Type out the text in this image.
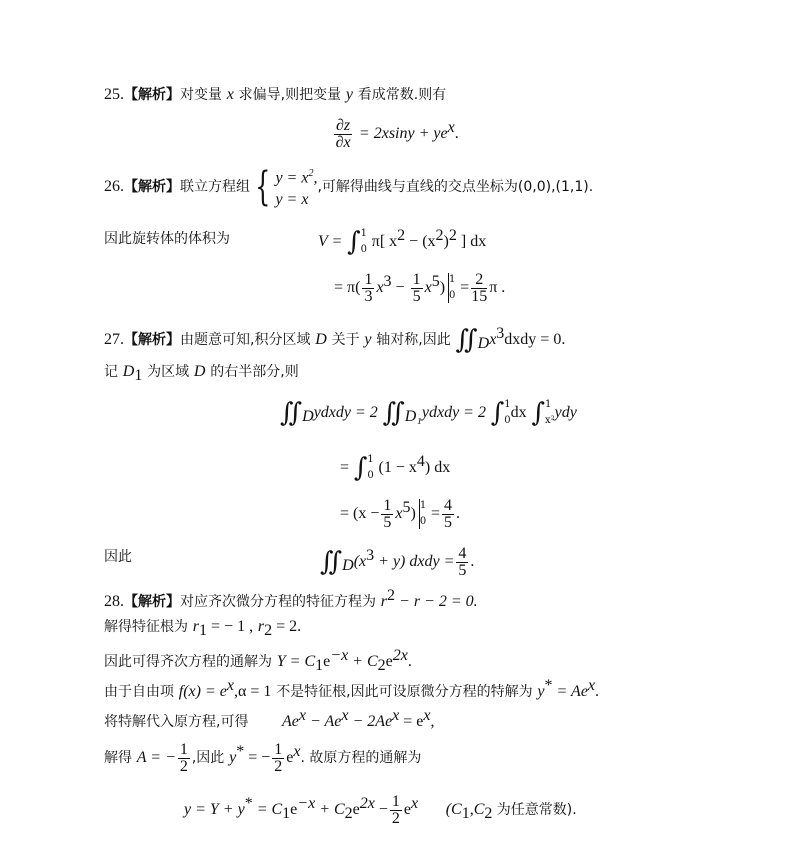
25.【解析】对变量 x 求偏导,则把变量 y 看成常数.则有
$\frac{\partial z}{\partial x} = 2xsiny + ye^x$.
26.【解析】联立方程组 { $y = x^2$,
y = x
,可解得曲线与直线的交点坐标为(0,0),(1,1).
因此旋转体的体积为	V = ∫ 1
0 π[ $x^2 - (x^2)^2$ ] dx
= $\pi( \frac{1}{3} x^3 - \frac{1}{5} x^5)$ 1
$0 = \frac{2}{15}$ π .
27.【解析】由题意可知,积分区域 D 关于 y 轴对称,因此 $∬_Dx^3dxdy = 0$.
记 $D_1$ 为区域 D 的右半部分,则
$∬_Dydxdy = 2$ $∬_{D_1}ydxdy = 2$ ∫ 1
0 dx ∫ 1
x² ydy
= ∫ 1
0 $(1 - x^4)$ dx
= $(x - \frac{1}{5} x^5)$ 1
$0 = \frac{4}{5}$ .
因此	$∬_D(x^3 + y)$ dxdy = $\frac{4}{5}$ .
28.【解析】对应齐次微分方程的特征方程为 $r^2 - r - 2 = 0$.
解得特征根为 $r_1$ = − 1 , $r_2 = 2$.
因此可得齐次方程的通解为 $Y = C_1e^{-x} + C_2e^{2x}$.
由于自由项 $f(x) = e^x,\alpha = 1$ 不是特征根,因此可设原微分方程的特解为 $y^* = Ae^x$.
将特解代入原方程,可得 $Ae^x - Ae^x - 2Ae^x = e^x$,
解得 A = − $\frac{1}{2}$ ,因此 y* = − $\frac{1}{2} e^x$. 故原方程的通解为
$y = Y + y^* = C_1e^{-x} + C_2e^{2x} - \frac{1}{2} e^x$ ($C_1,C_2$ 为任意常数).
